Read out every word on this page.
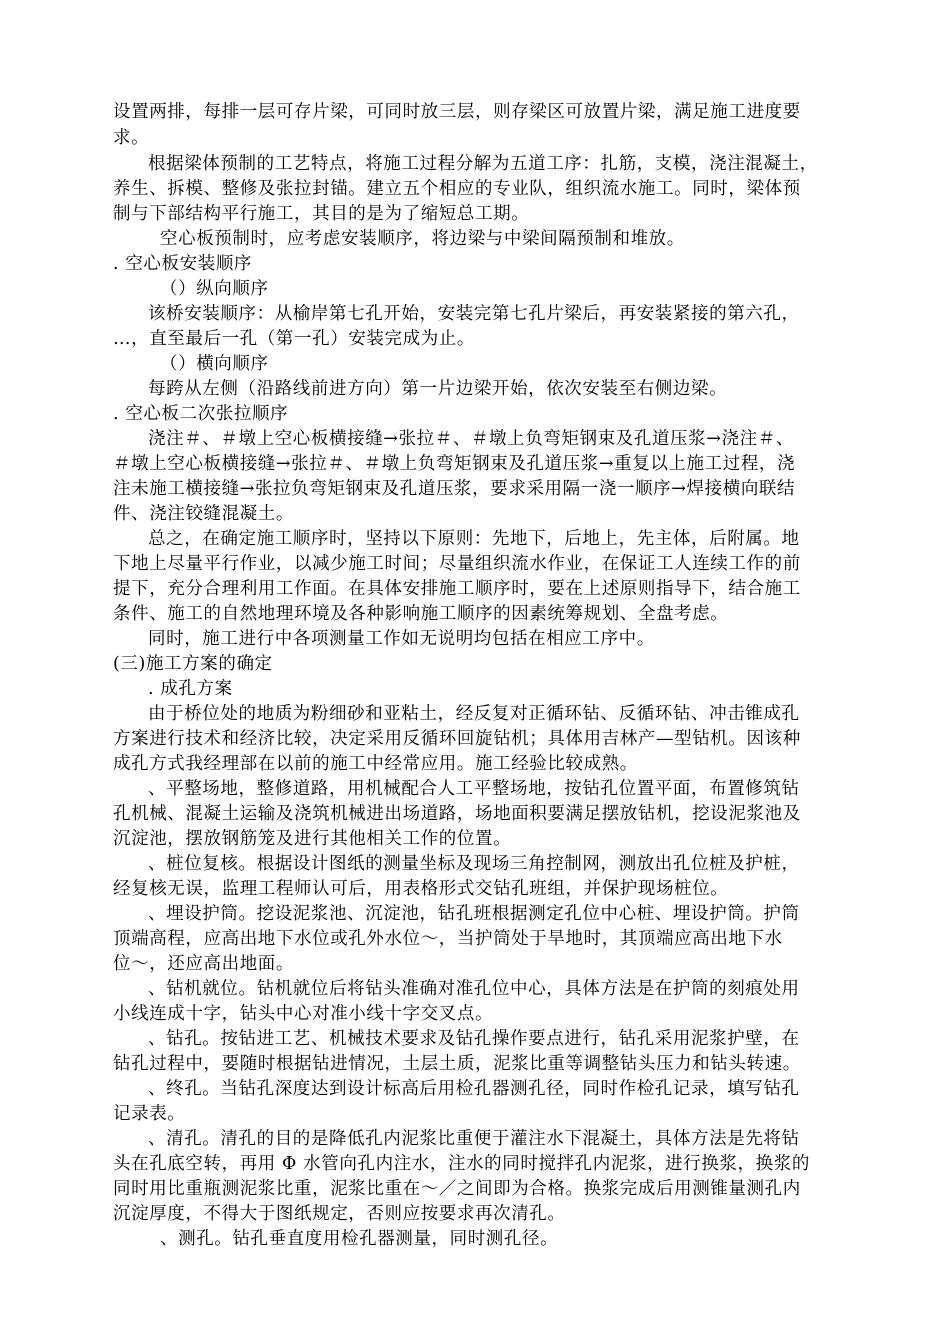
设置两排，每排一层可存片梁，可同时放三层，则存梁区可放置片梁，满足施工进度要
求。
根据梁体预制的工艺特点，将施工过程分解为五道工序：扎筋，支模，浇注混凝土，
养生、拆模、整修及张拉封锚。建立五个相应的专业队，组织流水施工。同时，梁体预
制与下部结构平行施工，其目的是为了缩短总工期。
空心板预制时，应考虑安装顺序，将边梁与中梁间隔预制和堆放。
. 空心板安装顺序
（）纵向顺序
该桥安装顺序：从榆岸第七孔开始，安装完第七孔片梁后，再安装紧接的第六孔，
…，直至最后一孔（第一孔）安装完成为止。
（）横向顺序
每跨从左侧（沿路线前进方向）第一片边梁开始，依次安装至右侧边梁。
. 空心板二次张拉顺序
浇注＃、＃墩上空心板横接缝→张拉＃、＃墩上负弯矩钢束及孔道压浆→浇注＃、
＃墩上空心板横接缝→张拉＃、＃墩上负弯矩钢束及孔道压浆→重复以上施工过程，浇
注未施工横接缝→张拉负弯矩钢束及孔道压浆，要求采用隔一浇一顺序→焊接横向联结
件、浇注铰缝混凝土。
总之，在确定施工顺序时，坚持以下原则：先地下，后地上，先主体，后附属。地
下地上尽量平行作业，以减少施工时间；尽量组织流水作业，在保证工人连续工作的前
提下，充分合理利用工作面。在具体安排施工顺序时，要在上述原则指导下，结合施工
条件、施工的自然地理环境及各种影响施工顺序的因素统筹规划、全盘考虑。
同时，施工进行中各项测量工作如无说明均包括在相应工序中。
(三)施工方案的确定
. 成孔方案
由于桥位处的地质为粉细砂和亚粘土，经反复对正循环钻、反循环钻、冲击锥成孔
方案进行技术和经济比较，决定采用反循环回旋钻机；具体用吉林产—型钻机。因该种
成孔方式我经理部在以前的施工中经常应用。施工经验比较成熟。
、平整场地，整修道路，用机械配合人工平整场地，按钻孔位置平面，布置修筑钻
孔机械、混凝土运输及浇筑机械进出场道路，场地面积要满足摆放钻机，挖设泥浆池及
沉淀池，摆放钢筋笼及进行其他相关工作的位置。
、桩位复核。根据设计图纸的测量坐标及现场三角控制网，测放出孔位桩及护桩，
经复核无误，监理工程师认可后，用表格形式交钻孔班组，并保护现场桩位。
、埋设护筒。挖设泥浆池、沉淀池，钻孔班根据测定孔位中心桩、埋设护筒。护筒
顶端高程，应高出地下水位或孔外水位～，当护筒处于旱地时，其顶端应高出地下水
位～，还应高出地面。
、钻机就位。钻机就位后将钻头准确对准孔位中心，具体方法是在护筒的刻痕处用
小线连成十字，钻头中心对准小线十字交叉点。
、钻孔。按钻进工艺、机械技术要求及钻孔操作要点进行，钻孔采用泥浆护壁，在
钻孔过程中，要随时根据钻进情况，土层土质，泥浆比重等调整钻头压力和钻头转速。
、终孔。当钻孔深度达到设计标高后用检孔器测孔径，同时作检孔记录，填写钻孔
记录表。
、清孔。清孔的目的是降低孔内泥浆比重便于灌注水下混凝土，具体方法是先将钻
头在孔底空转，再用 Φ 水管向孔内注水，注水的同时搅拌孔内泥浆，进行换浆，换浆的
同时用比重瓶测泥浆比重，泥浆比重在～／之间即为合格。换浆完成后用测锥量测孔内
沉淀厚度，不得大于图纸规定，否则应按要求再次清孔。
、测孔。钻孔垂直度用检孔器测量，同时测孔径。
